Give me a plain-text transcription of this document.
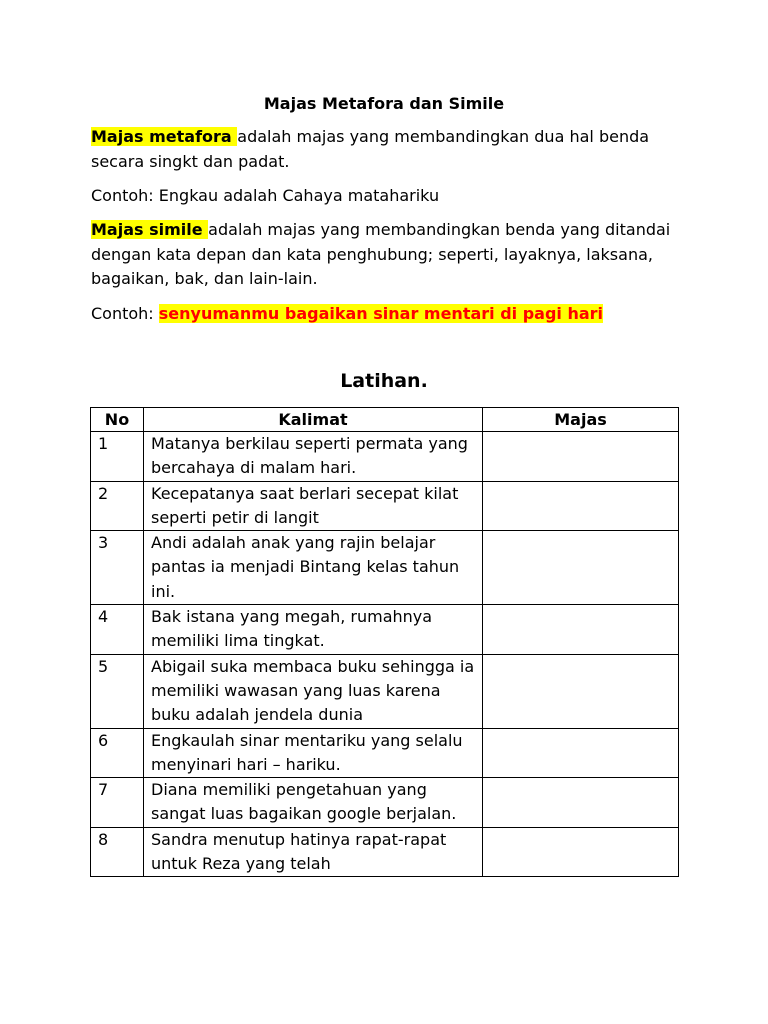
Majas Metafora dan Simile

Majas metafora adalah majas yang membandingkan dua hal benda secara singkt dan padat.

Contoh: Engkau adalah Cahaya matahariku

Majas simile adalah majas yang membandingkan benda yang ditandai dengan kata depan dan kata penghubung; seperti, layaknya, laksana, bagaikan, bak, dan lain-lain.

Contoh: senyumanmu bagaikan sinar mentari di pagi hari

Latihan.

No	Kalimat	Majas
1	Matanya berkilau seperti permata yang bercahaya di malam hari.	
2	Kecepatanya saat berlari secepat kilat seperti petir di langit	
3	Andi adalah anak yang rajin belajar pantas ia menjadi Bintang kelas tahun ini.	
4	Bak istana yang megah, rumahnya memiliki lima tingkat.	
5	Abigail suka membaca buku sehingga ia memiliki wawasan yang luas karena buku adalah jendela dunia	
6	Engkaulah sinar mentariku yang selalu menyinari hari – hariku.	
7	Diana memiliki pengetahuan yang sangat luas bagaikan google berjalan.	
8	Sandra menutup hatinya rapat-rapat untuk Reza yang telah	
